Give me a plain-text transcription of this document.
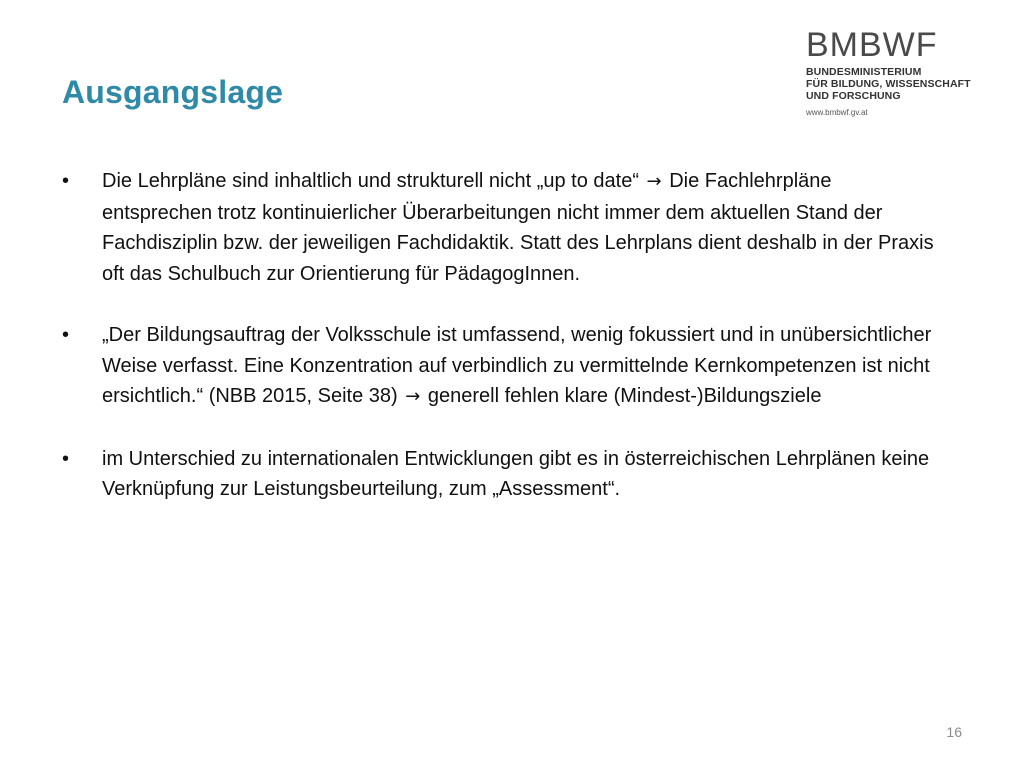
Ausgangslage
BMBWF
BUNDESMINISTERIUM
FÜR BILDUNG, WISSENSCHAFT
UND FORSCHUNG
www.bmbwf.gv.at
•	Die Lehrpläne sind inhaltlich und strukturell nicht „up to date“ → Die Fachlehrpläne entsprechen trotz kontinuierlicher Überarbeitungen nicht immer dem aktuellen Stand der Fachdisziplin bzw. der jeweiligen Fachdidaktik. Statt des Lehrplans dient deshalb in der Praxis oft das Schulbuch zur Orientierung für PädagogInnen.
•	„Der Bildungsauftrag der Volksschule ist umfassend, wenig fokussiert und in unübersichtlicher Weise verfasst. Eine Konzentration auf verbindlich zu vermittelnde Kernkompetenzen ist nicht ersichtlich.“ (NBB 2015, Seite 38) → generell fehlen klare (Mindest-)Bildungsziele
•	im Unterschied zu internationalen Entwicklungen gibt es in österreichischen Lehrplänen keine Verknüpfung zur Leistungsbeurteilung, zum „Assessment“.
16
